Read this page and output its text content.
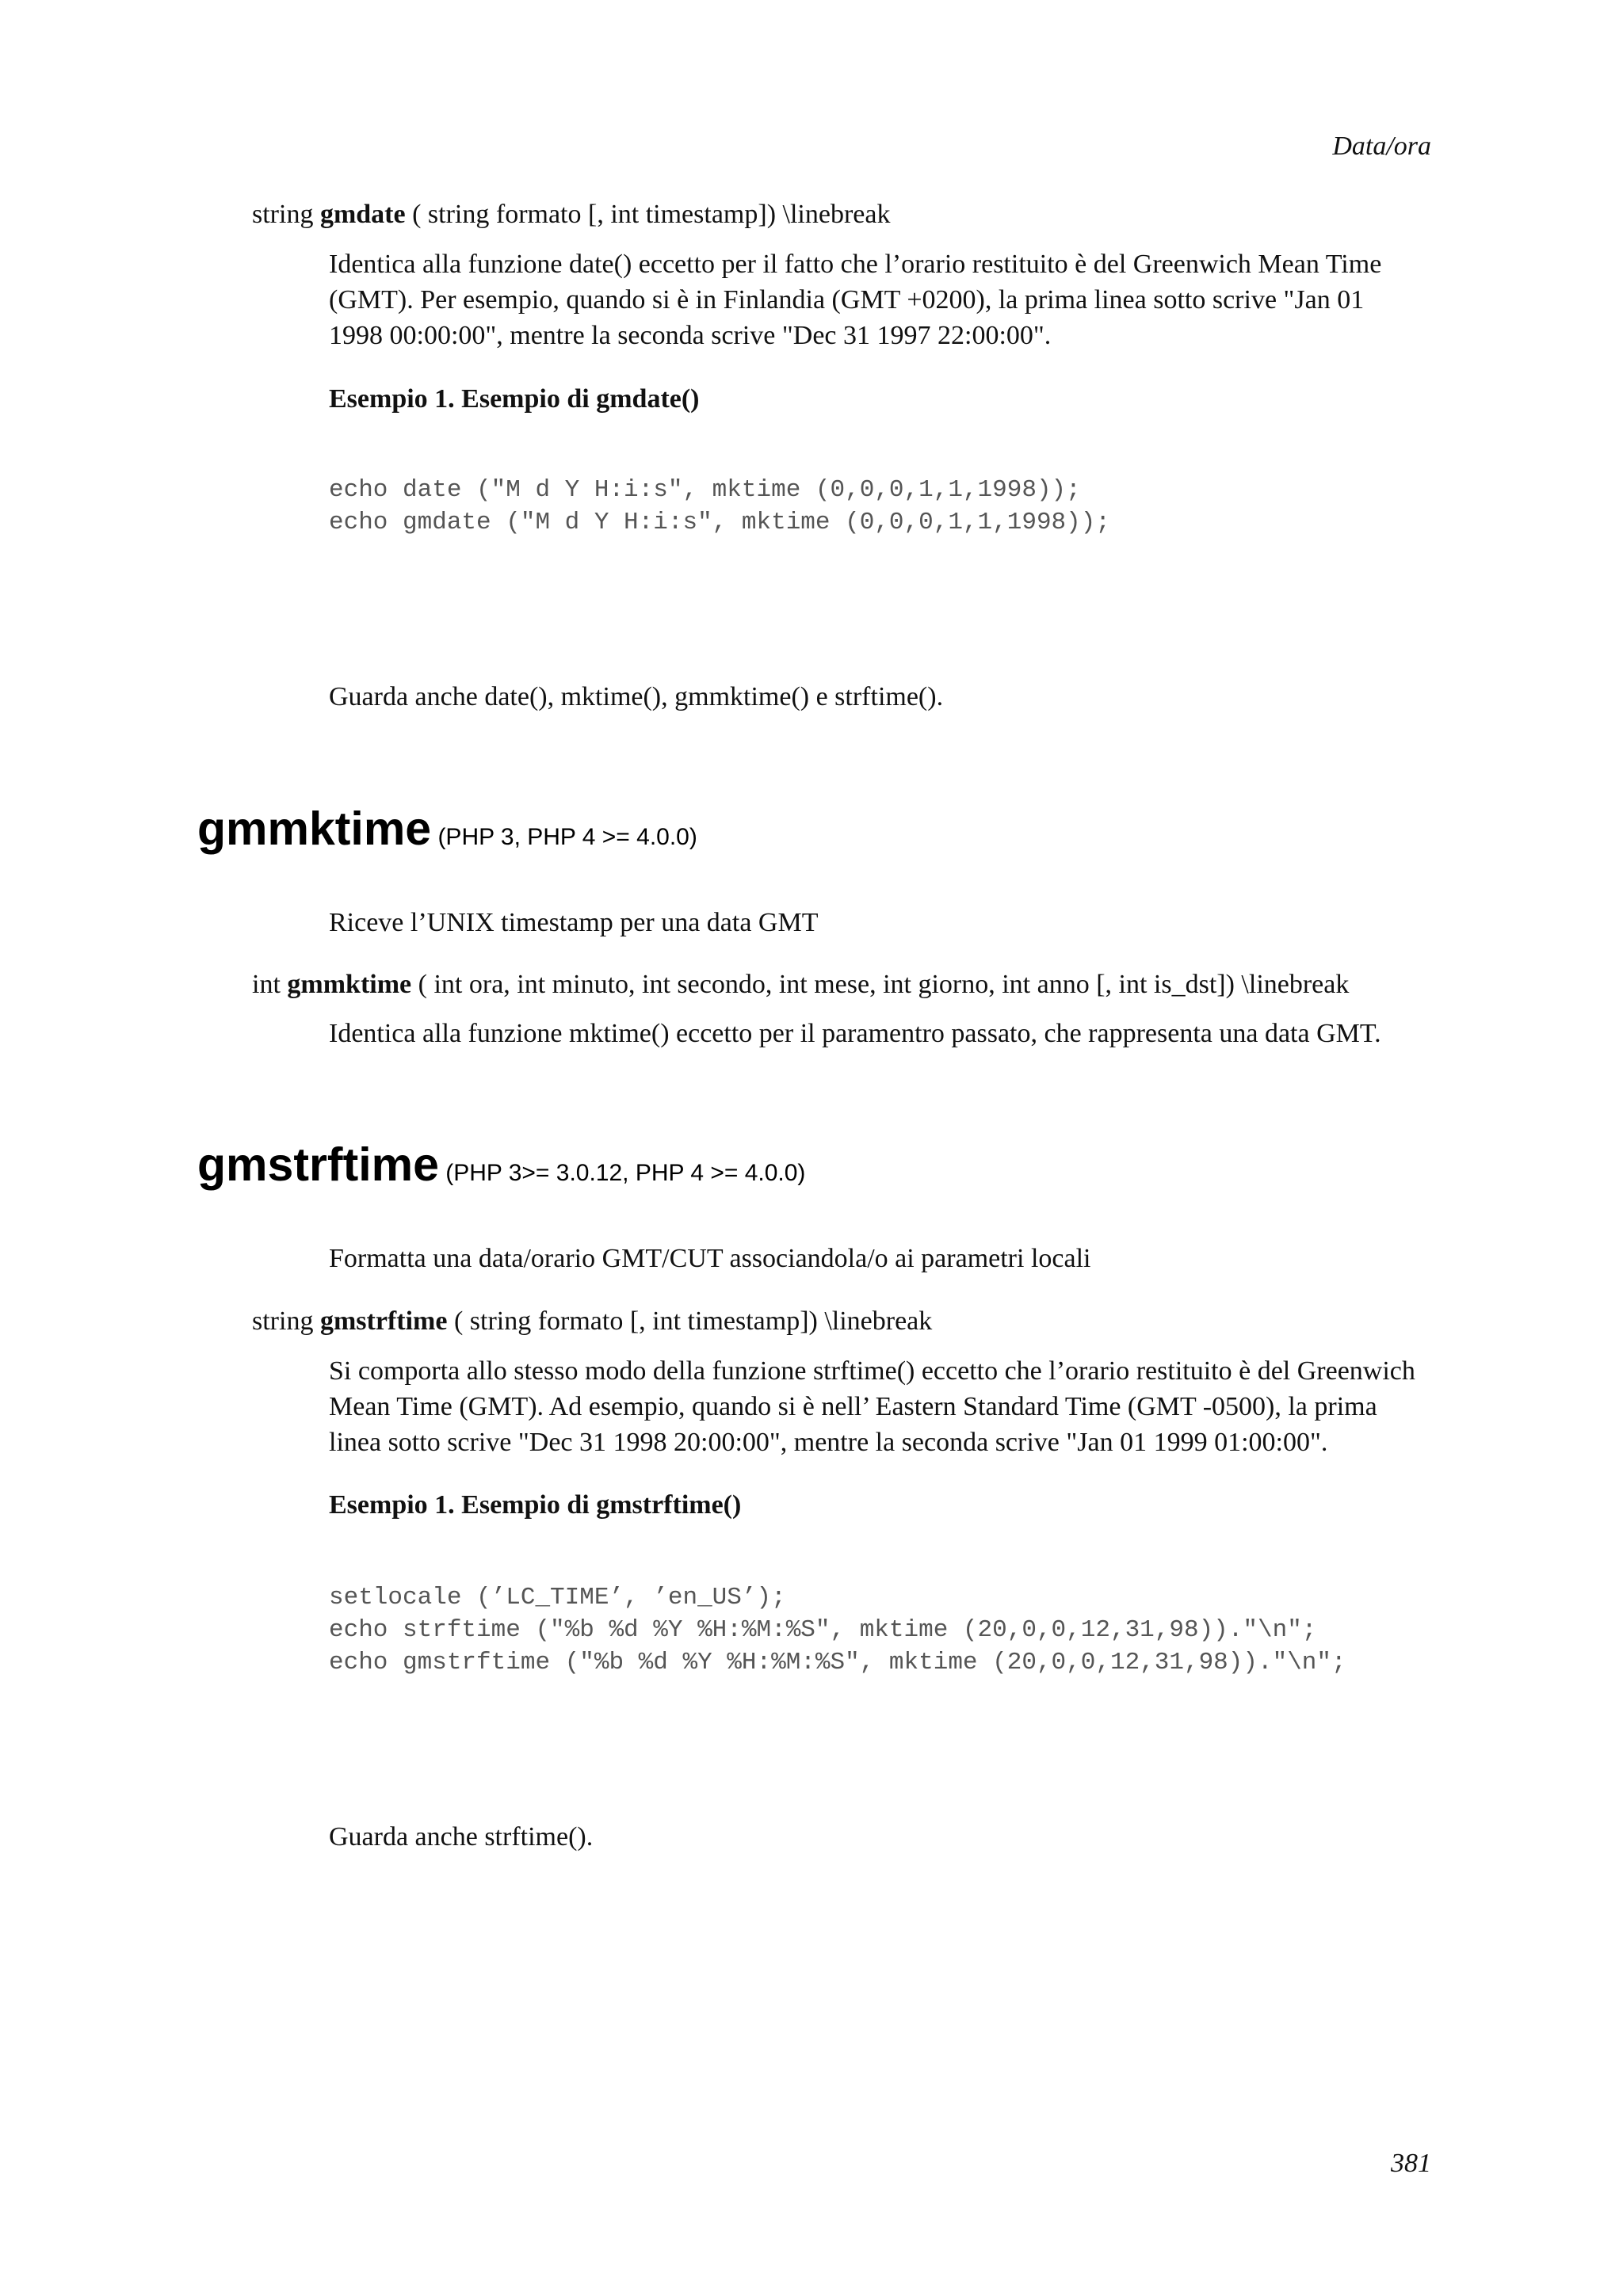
Data/ora
string gmdate ( string formato [, int timestamp]) \linebreak
Identica alla funzione date() eccetto per il fatto che l’orario restituito è del Greenwich Mean Time
(GMT). Per esempio, quando si è in Finlandia (GMT +0200), la prima linea sotto scrive "Jan 01
1998 00:00:00", mentre la seconda scrive "Dec 31 1997 22:00:00".
Esempio 1. Esempio di gmdate()
echo date ("M d Y H:i:s", mktime (0,0,0,1,1,1998));
echo gmdate ("M d Y H:i:s", mktime (0,0,0,1,1,1998));
Guarda anche date(), mktime(), gmmktime() e strftime().
gmmktime (PHP 3, PHP 4 >= 4.0.0)
Riceve l’UNIX timestamp per una data GMT
int gmmktime ( int ora, int minuto, int secondo, int mese, int giorno, int anno [, int is_dst]) \linebreak
Identica alla funzione mktime() eccetto per il paramentro passato, che rappresenta una data GMT.
gmstrftime (PHP 3>= 3.0.12, PHP 4 >= 4.0.0)
Formatta una data/orario GMT/CUT associandola/o ai parametri locali
string gmstrftime ( string formato [, int timestamp]) \linebreak
Si comporta allo stesso modo della funzione strftime() eccetto che l’orario restituito è del Greenwich
Mean Time (GMT). Ad esempio, quando si è nell’ Eastern Standard Time (GMT -0500), la prima
linea sotto scrive "Dec 31 1998 20:00:00", mentre la seconda scrive "Jan 01 1999 01:00:00".
Esempio 1. Esempio di gmstrftime()
setlocale (’LC_TIME’, ’en_US’);
echo strftime ("%b %d %Y %H:%M:%S", mktime (20,0,0,12,31,98))."\n";
echo gmstrftime ("%b %d %Y %H:%M:%S", mktime (20,0,0,12,31,98))."\n";
Guarda anche strftime().
381
